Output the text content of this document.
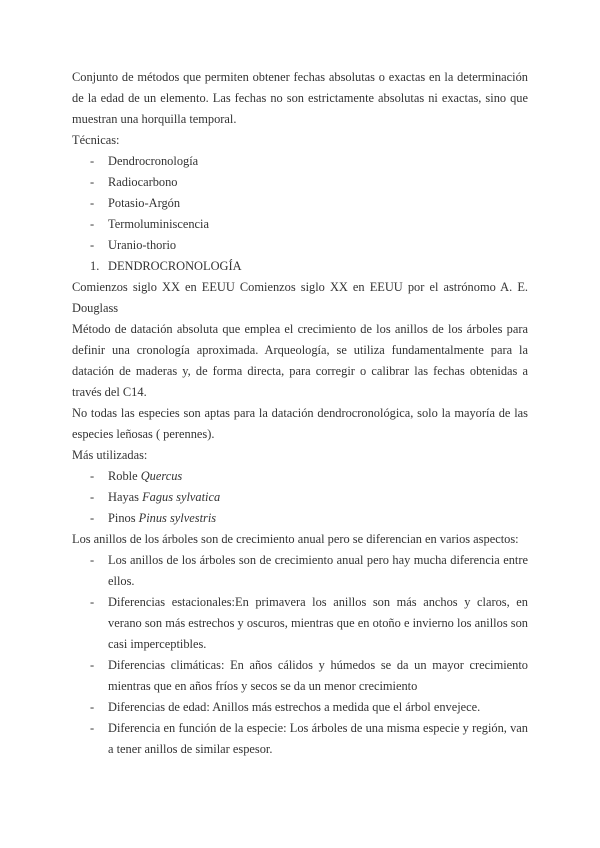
Conjunto de métodos que permiten obtener fechas absolutas o exactas en la determinación de la edad de un elemento. Las fechas no son estrictamente absolutas ni exactas, sino que muestran una horquilla temporal.

Técnicas:

- Dendrocronología
- Radiocarbono
- Potasio-Argón
- Termoluminiscencia
- Uranio-thorio
1. DENDROCRONOLOGÍA

Comienzos siglo XX en EEUU Comienzos siglo XX en EEUU por el astrónomo A. E. Douglass

Método de datación absoluta que emplea el crecimiento de los anillos de los árboles para definir una cronología aproximada. Arqueología, se utiliza fundamentalmente para la datación de maderas y, de forma directa, para corregir o calibrar las fechas obtenidas a través del C14.

No todas las especies son aptas para la datación dendrocronológica, solo la mayoría de las especies leñosas ( perennes).

Más utilizadas:

- Roble Quercus
- Hayas Fagus sylvatica
- Pinos Pinus sylvestris

Los anillos de los árboles son de crecimiento anual pero se diferencian en varios aspectos:

- Los anillos de los árboles son de crecimiento anual pero hay mucha diferencia entre ellos.
- Diferencias estacionales:En primavera los anillos son más anchos y claros, en verano son más estrechos y oscuros, mientras que en otoño e invierno los anillos son casi imperceptibles.
- Diferencias climáticas: En años cálidos y húmedos se da un mayor crecimiento mientras que en años fríos y secos se da un menor crecimiento
- Diferencias de edad: Anillos más estrechos a medida que el árbol envejece.
- Diferencia en función de la especie: Los árboles de una misma especie y región, van a tener anillos de similar espesor.
